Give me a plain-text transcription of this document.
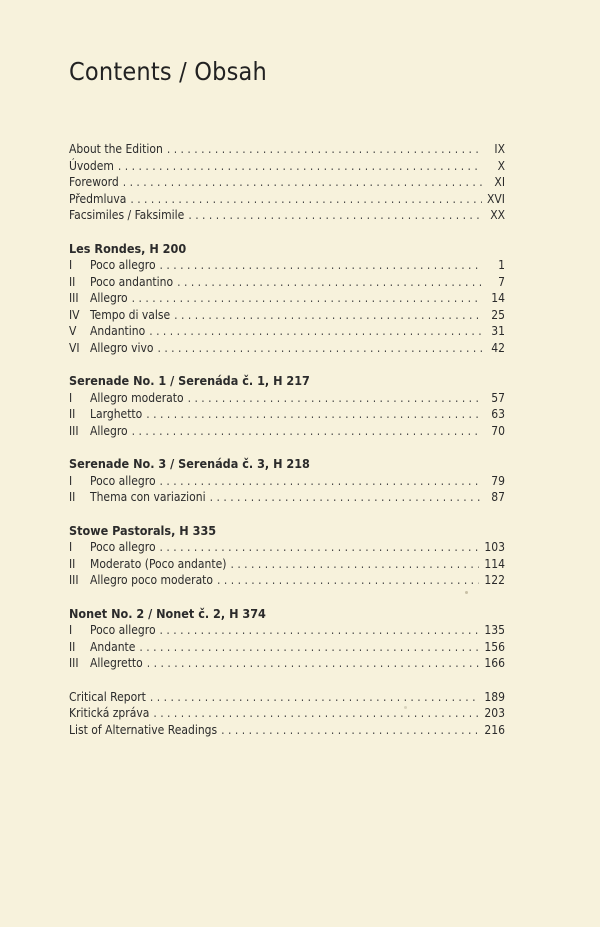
Contents / Obsah
About the Edition . . .	IX
Úvodem . . .	X
Foreword . . .	XI
Předmluva . . .	XVI
Facsimiles / Faksimile . . .	XX
Les Rondes, H 200
I	Poco allegro . . .	1
II	Poco andantino . . .	7
III Allegro . . .	14
IV Tempo di valse . . .	25
V	Andantino . . .	31
VI Allegro vivo . . .	42
Serenade No. 1 / Serenáda č. 1, H 217
I	Allegro moderato . . .	57
II	Larghetto . . .	63
III Allegro . . .	70
Serenade No. 3 / Serenáda č. 3, H 218
I	Poco allegro . . .	79
II	Thema con variazioni . . .	87
Stowe Pastorals, H 335
I	Poco allegro . . .	103
II	Moderato (Poco andante) . . .	114
III Allegro poco moderato . . .	122
Nonet No. 2 / Nonet č. 2, H 374
I	Poco allegro . . .	135
II	Andante . . .	156
III Allegretto . . .	166
Critical Report . . .	189
Kritická zpráva . . .	203
List of Alternative Readings . . .	216
